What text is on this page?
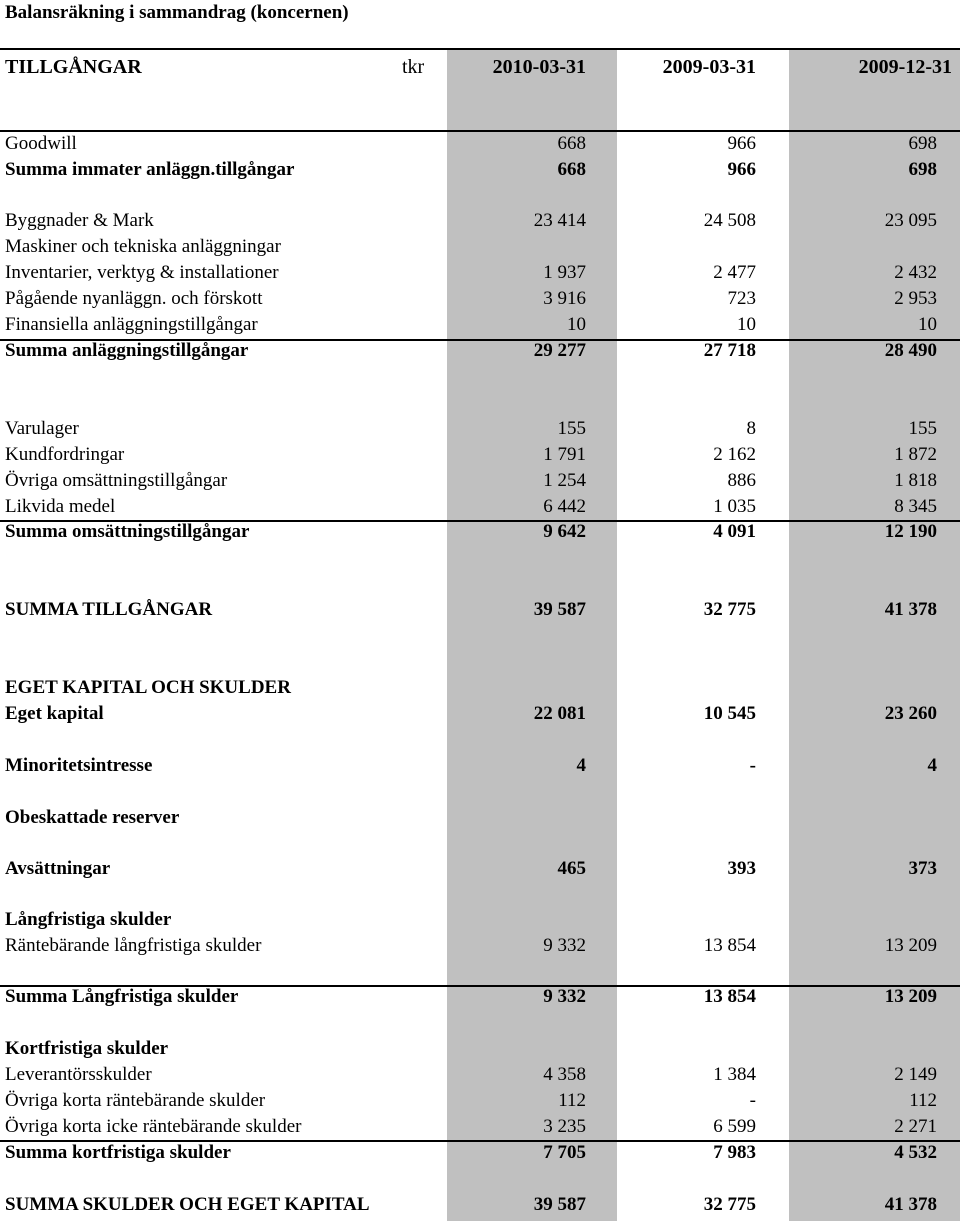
Balansräkning i sammandrag (koncernen)
TILLGÅNGAR	tkr	2010-03-31	2009-03-31	2009-12-31
Goodwill	668	966	698
Summa immater anläggn.tillgångar	668	966	698
Byggnader & Mark	23 414	24 508	23 095
Maskiner och tekniska anläggningar
Inventarier, verktyg & installationer	1 937	2 477	2 432
Pågående nyanläggn. och förskott	3 916	723	2 953
Finansiella anläggningstillgångar	10	10	10
Summa anläggningstillgångar	29 277	27 718	28 490
Varulager	155	8	155
Kundfordringar	1 791	2 162	1 872
Övriga omsättningstillgångar	1 254	886	1 818
Likvida medel	6 442	1 035	8 345
Summa omsättningstillgångar	9 642	4 091	12 190
SUMMA TILLGÅNGAR	39 587	32 775	41 378
EGET KAPITAL OCH SKULDER
Eget kapital	22 081	10 545	23 260
Minoritetsintresse	4	-	4
Obeskattade reserver
Avsättningar	465	393	373
Långfristiga skulder
Räntebärande långfristiga skulder	9 332	13 854	13 209
Summa Långfristiga skulder	9 332	13 854	13 209
Kortfristiga skulder
Leverantörsskulder	4 358	1 384	2 149
Övriga korta räntebärande skulder	112	-	112
Övriga korta icke räntebärande skulder	3 235	6 599	2 271
Summa kortfristiga skulder	7 705	7 983	4 532
SUMMA SKULDER OCH EGET KAPITAL	39 587	32 775	41 378
